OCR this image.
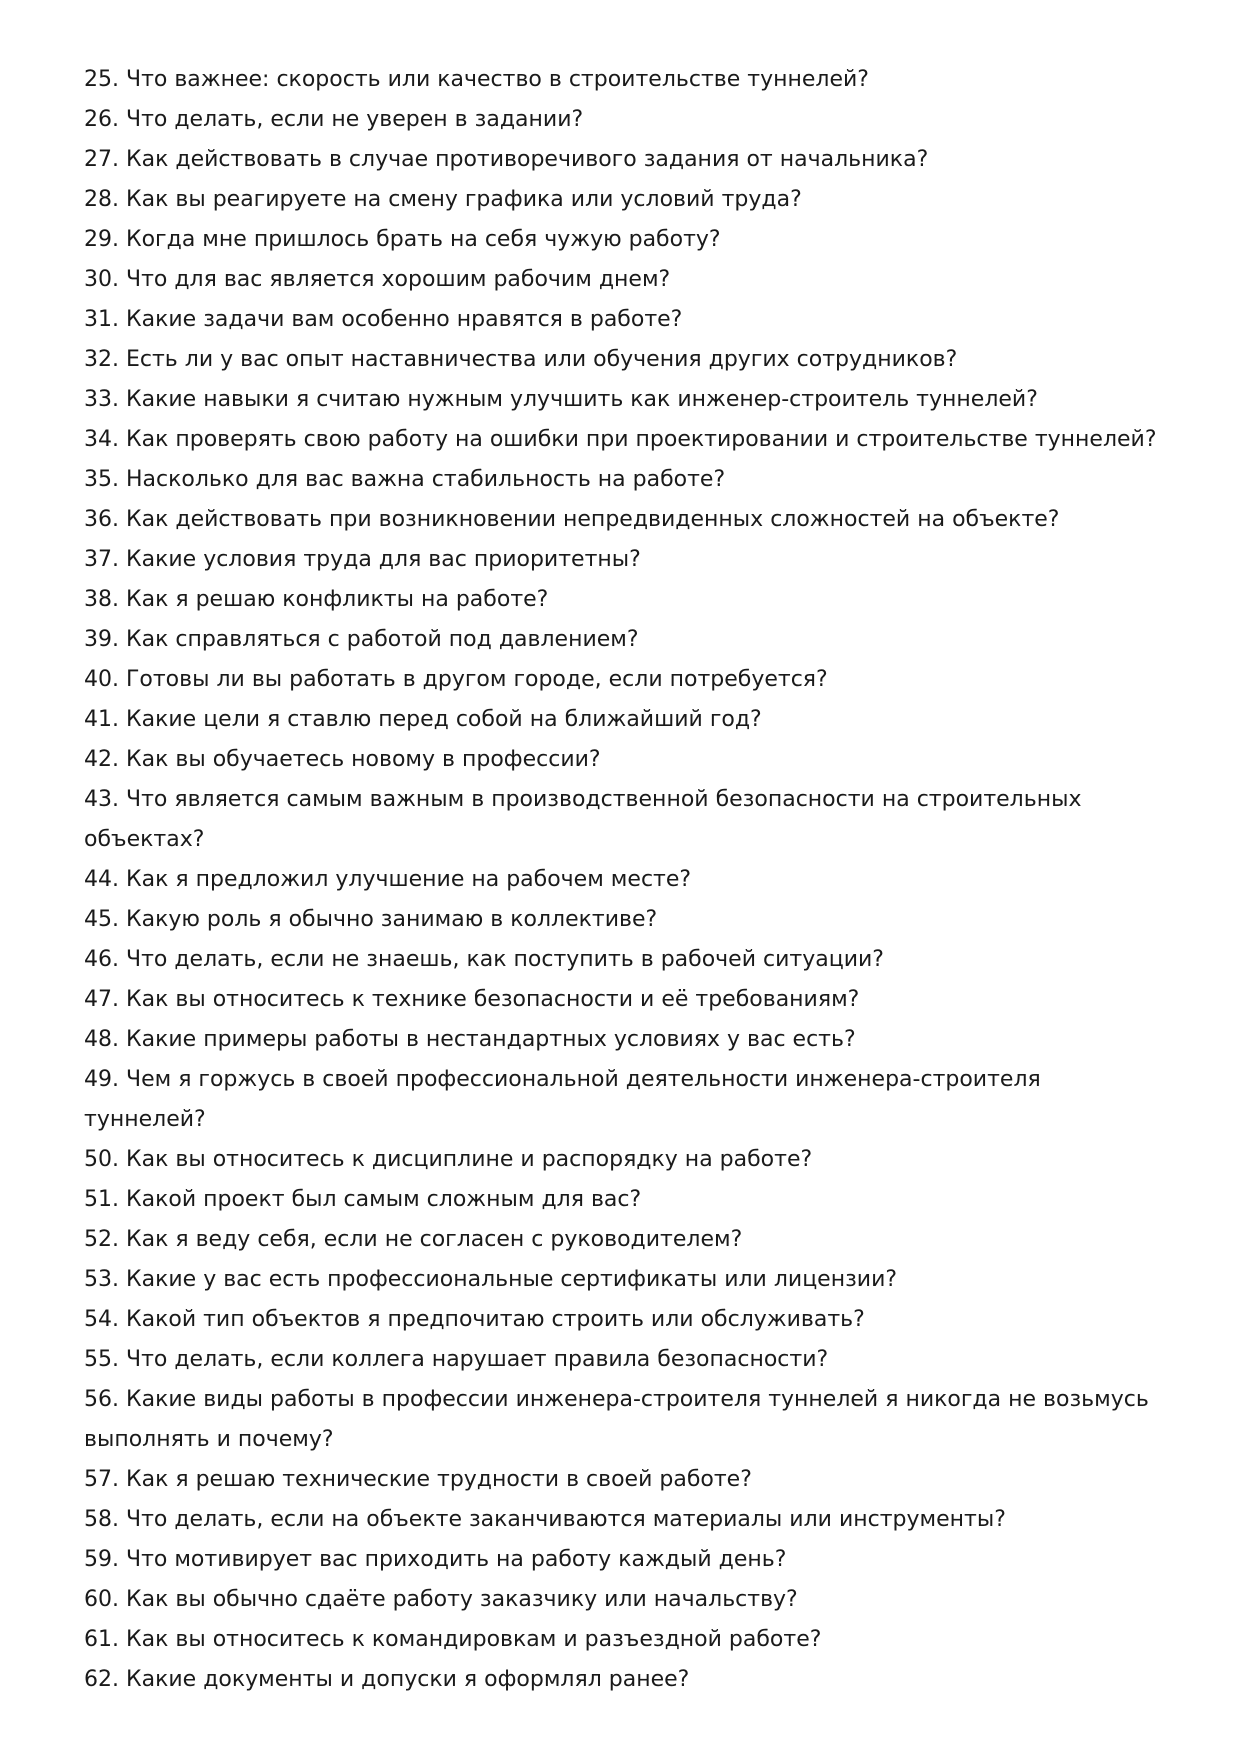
25. Что важнее: скорость или качество в строительстве туннелей?
26. Что делать, если не уверен в задании?
27. Как действовать в случае противоречивого задания от начальника?
28. Как вы реагируете на смену графика или условий труда?
29. Когда мне пришлось брать на себя чужую работу?
30. Что для вас является хорошим рабочим днем?
31. Какие задачи вам особенно нравятся в работе?
32. Есть ли у вас опыт наставничества или обучения других сотрудников?
33. Какие навыки я считаю нужным улучшить как инженер-строитель туннелей?
34. Как проверять свою работу на ошибки при проектировании и строительстве туннелей?
35. Насколько для вас важна стабильность на работе?
36. Как действовать при возникновении непредвиденных сложностей на объекте?
37. Какие условия труда для вас приоритетны?
38. Как я решаю конфликты на работе?
39. Как справляться с работой под давлением?
40. Готовы ли вы работать в другом городе, если потребуется?
41. Какие цели я ставлю перед собой на ближайший год?
42. Как вы обучаетесь новому в профессии?
43. Что является самым важным в производственной безопасности на строительных объектах?
44. Как я предложил улучшение на рабочем месте?
45. Какую роль я обычно занимаю в коллективе?
46. Что делать, если не знаешь, как поступить в рабочей ситуации?
47. Как вы относитесь к технике безопасности и её требованиям?
48. Какие примеры работы в нестандартных условиях у вас есть?
49. Чем я горжусь в своей профессиональной деятельности инженера-строителя туннелей?
50. Как вы относитесь к дисциплине и распорядку на работе?
51. Какой проект был самым сложным для вас?
52. Как я веду себя, если не согласен с руководителем?
53. Какие у вас есть профессиональные сертификаты или лицензии?
54. Какой тип объектов я предпочитаю строить или обслуживать?
55. Что делать, если коллега нарушает правила безопасности?
56. Какие виды работы в профессии инженера-строителя туннелей я никогда не возьмусь выполнять и почему?
57. Как я решаю технические трудности в своей работе?
58. Что делать, если на объекте заканчиваются материалы или инструменты?
59. Что мотивирует вас приходить на работу каждый день?
60. Как вы обычно сдаёте работу заказчику или начальству?
61. Как вы относитесь к командировкам и разъездной работе?
62. Какие документы и допуски я оформлял ранее?
